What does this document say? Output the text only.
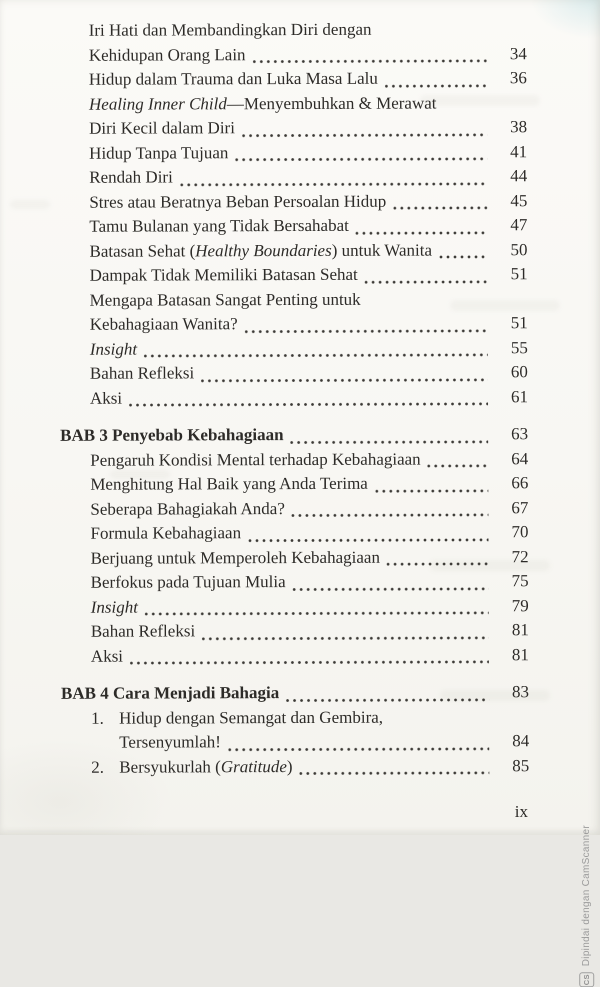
Iri Hati dan Membandingkan Diri dengan
Kehidupan Orang Lain	34
Hidup dalam Trauma dan Luka Masa Lalu	36
Healing Inner Child—Menyembuhkan & Merawat
Diri Kecil dalam Diri	38
Hidup Tanpa Tujuan	41
Rendah Diri	44
Stres atau Beratnya Beban Persoalan Hidup	45
Tamu Bulanan yang Tidak Bersahabat	47
Batasan Sehat (Healthy Boundaries) untuk Wanita	50
Dampak Tidak Memiliki Batasan Sehat	51
Mengapa Batasan Sangat Penting untuk
Kebahagiaan Wanita?	51
Insight	55
Bahan Refleksi	60
Aksi	61
BAB 3 Penyebab Kebahagiaan	63
Pengaruh Kondisi Mental terhadap Kebahagiaan	64
Menghitung Hal Baik yang Anda Terima	66
Seberapa Bahagiakah Anda?	67
Formula Kebahagiaan	70
Berjuang untuk Memperoleh Kebahagiaan	72
Berfokus pada Tujuan Mulia	75
Insight	79
Bahan Refleksi	81
Aksi	81
BAB 4 Cara Menjadi Bahagia	83
1. Hidup dengan Semangat dan Gembira,
Tersenyumlah!	84
2. Bersyukurlah (Gratitude)	85
ix
CS
Dipindai dengan CamScanner
